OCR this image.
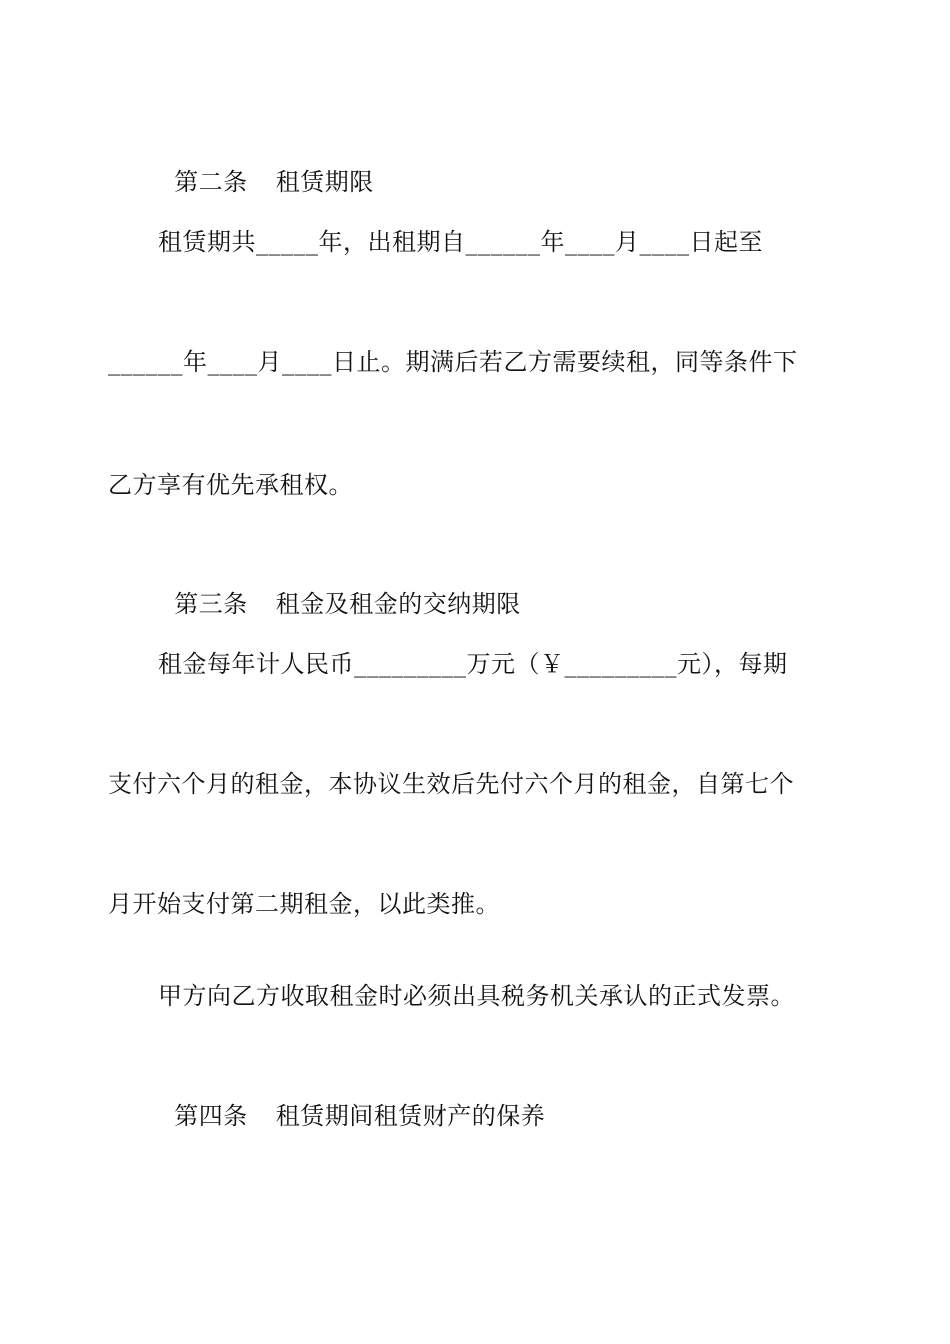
第二条 租赁期限

租赁期共_____年，出租期自______年____月____日起至
______年____月____日止。期满后若乙方需要续租，同等条件下
乙方享有优先承租权。

第三条 租金及租金的交纳期限

租金每年计人民币_________万元（￥_________元），每期
支付六个月的租金，本协议生效后先付六个月的租金，自第七个
月开始支付第二期租金，以此类推。
甲方向乙方收取租金时必须出具税务机关承认的正式发票。

第四条 租赁期间租赁财产的保养
